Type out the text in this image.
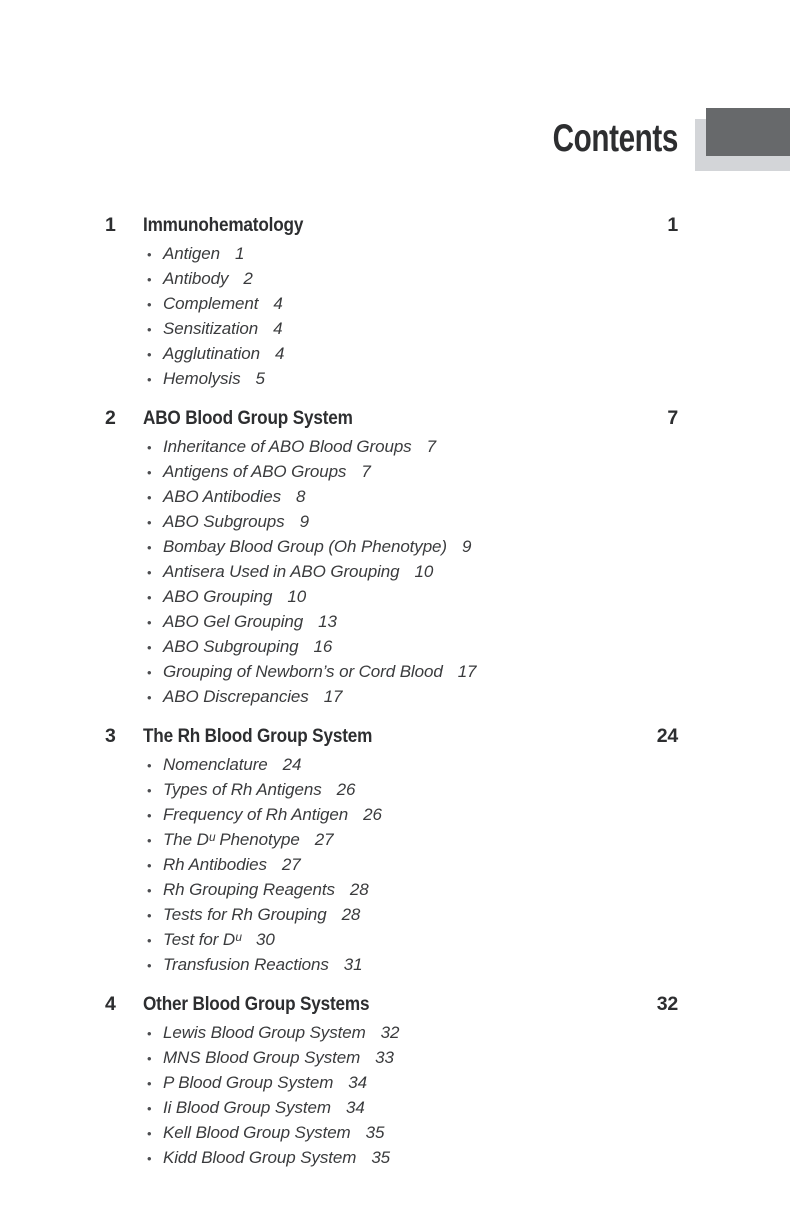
Contents
1	Immunohematology	1
• Antigen 1
• Antibody 2
• Complement 4
• Sensitization 4
• Agglutination 4
• Hemolysis 5
2	ABO Blood Group System	7
• Inheritance of ABO Blood Groups 7
• Antigens of ABO Groups 7
• ABO Antibodies 8
• ABO Subgroups 9
• Bombay Blood Group (Oh Phenotype) 9
• Antisera Used in ABO Grouping 10
• ABO Grouping 10
• ABO Gel Grouping 13
• ABO Subgrouping 16
• Grouping of Newborn’s or Cord Blood 17
• ABO Discrepancies 17
3	The Rh Blood Group System	24
• Nomenclature 24
• Types of Rh Antigens 26
• Frequency of Rh Antigen 26
• The Dᵘ Phenotype 27
• Rh Antibodies 27
• Rh Grouping Reagents 28
• Tests for Rh Grouping 28
• Test for Dᵘ 30
• Transfusion Reactions 31
4	Other Blood Group Systems	32
• Lewis Blood Group System 32
• MNS Blood Group System 33
• P Blood Group System 34
• Ii Blood Group System 34
• Kell Blood Group System 35
• Kidd Blood Group System 35
